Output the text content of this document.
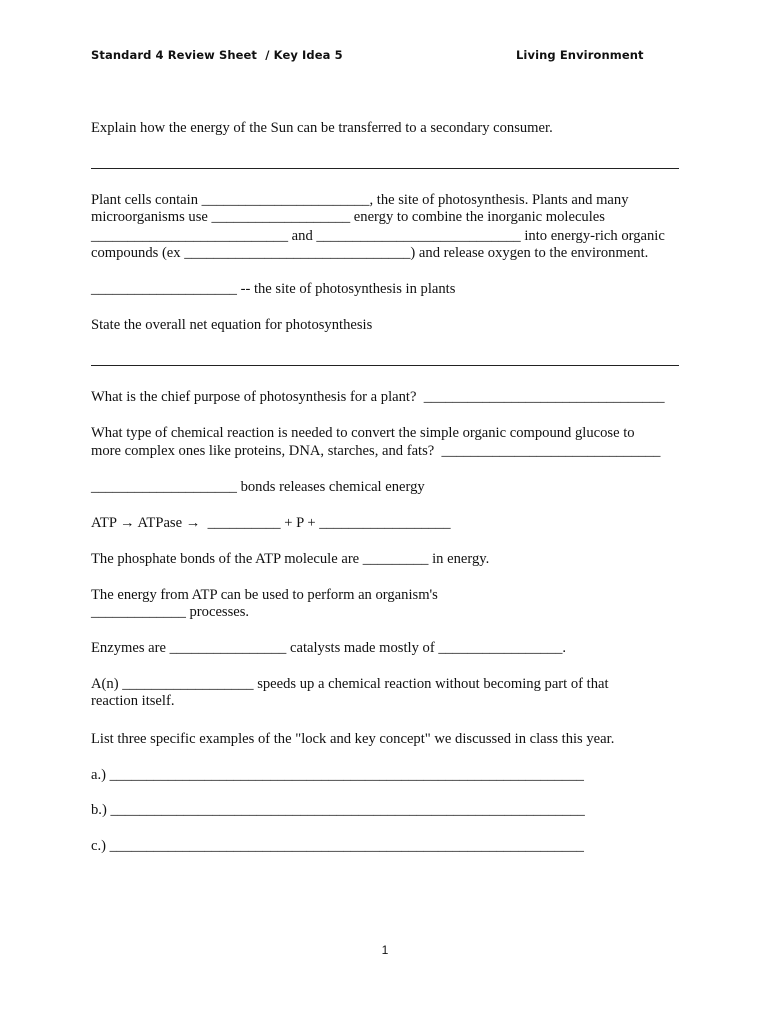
Standard 4 Review Sheet  / Key Idea 5	Living Environment
Explain how the energy of the Sun can be transferred to a secondary consumer.
Plant cells contain _______________________, the site of photosynthesis. Plants and many
microorganisms use ___________________ energy to combine the inorganic molecules
___________________________ and ____________________________ into energy-rich organic
compounds (ex _______________________________) and release oxygen to the environment.
____________________ -- the site of photosynthesis in plants
State the overall net equation for photosynthesis
What is the chief purpose of photosynthesis for a plant?  _________________________________
What type of chemical reaction is needed to convert the simple organic compound glucose to
more complex ones like proteins, DNA, starches, and fats?  ______________________________
____________________ bonds releases chemical energy
ATP → ATPase →  __________ + P + __________________
The phosphate bonds of the ATP molecule are _________ in energy.
The energy from ATP can be used to perform an organism's
_____________ processes.
Enzymes are ________________ catalysts made mostly of _________________.
A(n) __________________ speeds up a chemical reaction without becoming part of that
reaction itself.
List three specific examples of the "lock and key concept" we discussed in class this year.
a.) _________________________________________________________________
b.) _________________________________________________________________
c.) _________________________________________________________________
1
